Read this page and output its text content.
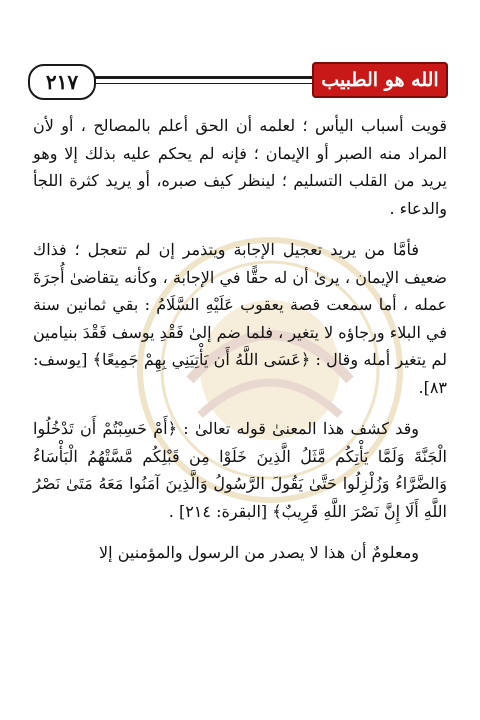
٢١٧	الله هو الطبيب

قويت أسباب اليأس ؛ لعلمه أن الحق أعلم بالمصالح ، أو لأن المراد منه الصبر أو الإيمان ؛ فإنه لم يحكم عليه بذلك إلا وهو يريد من القلب التسليم ؛ لينظر كيف صبره، أو يريد كثرة اللجأ والدعاء .

فأمَّا من يريد تعجيل الإجابة ويتذمر إن لم تتعجل ؛ فذاك ضعيف الإيمان ، يرىٰ أن له حقًّا في الإجابة ، وكأنه يتقاضىٰ أُجرَةَ عمله ، أما سمعت قصة يعقوب عَلَيْهِ السَّلَامُ : بقي ثمانين سنة في البلاء ورجاؤه لا يتغير ، فلما ضم إلىٰ فَقْدِ يوسف فَقْدَ بنيامين لم يتغير أمله وقال : ﴿عَسَى اللَّهُ أَن يَأْتِيَنِي بِهِمْ جَمِيعًا﴾ [يوسف: ٨٣].

وقد كشف هذا المعنىٰ قوله تعالىٰ : ﴿أَمْ حَسِبْتُمْ أَن تَدْخُلُوا الْجَنَّةَ وَلَمَّا يَأْتِكُم مَّثَلُ الَّذِينَ خَلَوْا مِن قَبْلِكُم مَّسَّتْهُمُ الْبَأْسَاءُ وَالضَّرَّاءُ وَزُلْزِلُوا حَتَّىٰ يَقُولَ الرَّسُولُ وَالَّذِينَ آمَنُوا مَعَهُ مَتَىٰ نَصْرُ اللَّهِ أَلَا إِنَّ نَصْرَ اللَّهِ قَرِيبٌ﴾ [البقرة: ٢١٤] .

ومعلومٌ أن هذا لا يصدر من الرسول والمؤمنين إلا
